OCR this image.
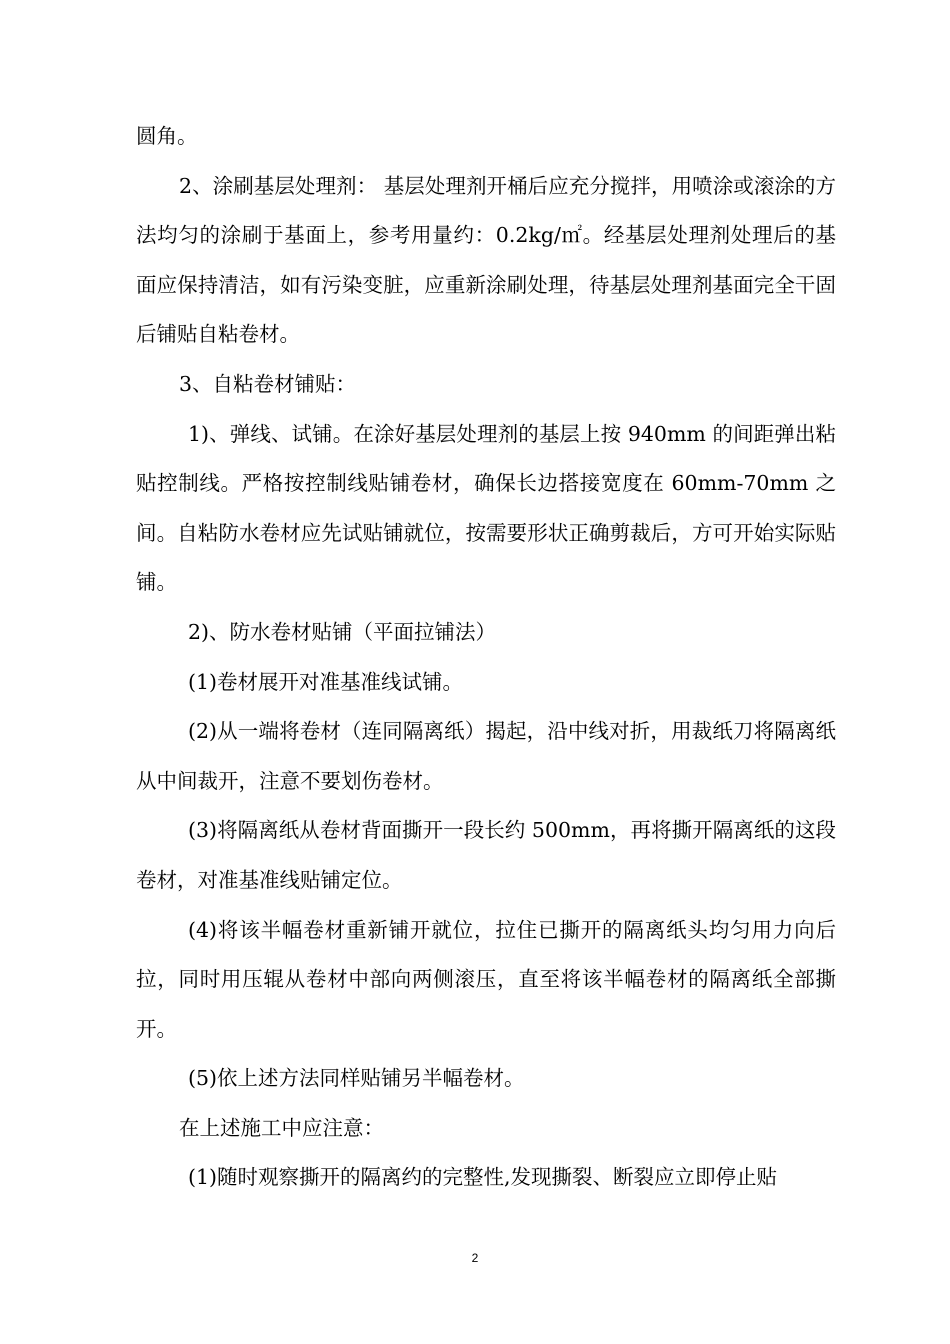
圆角。

2、涂刷基层处理剂： 基层处理剂开桶后应充分搅拌，用喷涂或滚涂的方法均匀的涂刷于基面上，参考用量约：0.2kg/㎡。经基层处理剂处理后的基面应保持清洁，如有污染变脏，应重新涂刷处理，待基层处理剂基面完全干固后铺贴自粘卷材。

3、自粘卷材铺贴：

1)、弹线、试铺。在涂好基层处理剂的基层上按 940mm 的间距弹出粘贴控制线。严格按控制线贴铺卷材，确保长边搭接宽度在 60mm-70mm 之间。自粘防水卷材应先试贴铺就位，按需要形状正确剪裁后，方可开始实际贴铺。

2)、防水卷材贴铺（平面拉铺法）

(1)卷材展开对准基准线试铺。

(2)从一端将卷材（连同隔离纸）揭起，沿中线对折，用裁纸刀将隔离纸从中间裁开，注意不要划伤卷材。

(3)将隔离纸从卷材背面撕开一段长约 500mm，再将撕开隔离纸的这段卷材，对准基准线贴铺定位。

(4)将该半幅卷材重新铺开就位，拉住已撕开的隔离纸头均匀用力向后拉，同时用压辊从卷材中部向两侧滚压，直至将该半幅卷材的隔离纸全部撕开。

(5)依上述方法同样贴铺另半幅卷材。

在上述施工中应注意：

(1)随时观察撕开的隔离约的完整性,发现撕裂、断裂应立即停止贴

2
